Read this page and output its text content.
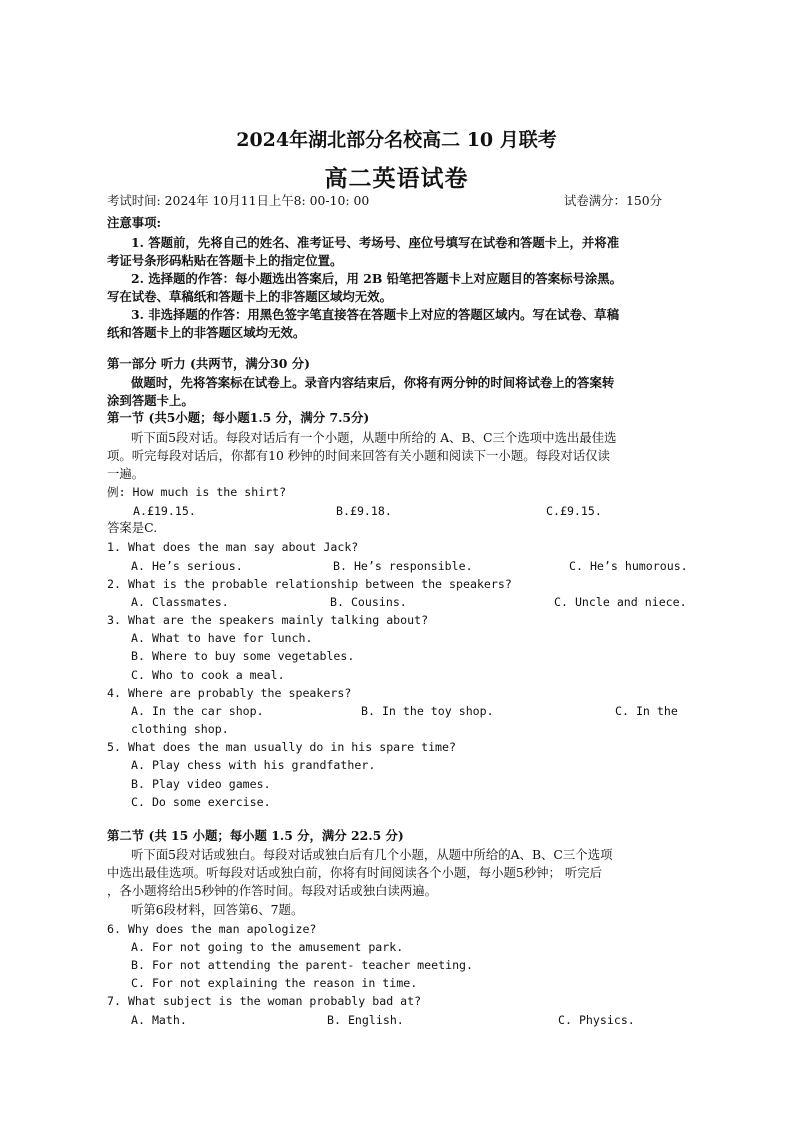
2024年湖北部分名校高二 10 月联考
高二英语试卷
考试时间: 2024年 10月11日上午8: 00-10: 00	试卷满分：150分
注意事项:
1. 答题前，先将自己的姓名、准考证号、考场号、座位号填写在试卷和答题卡上，并将准
考证号条形码粘贴在答题卡上的指定位置。
2. 选择题的作答：每小题选出答案后，用 2B 铅笔把答题卡上对应题目的答案标号涂黑。
写在试卷、草稿纸和答题卡上的非答题区域均无效。
3. 非选择题的作答：用黑色签字笔直接答在答题卡上对应的答题区域内。写在试卷、草稿
纸和答题卡上的非答题区域均无效。
第一部分 听力 (共两节，满分30 分)
做题时，先将答案标在试卷上。录音内容结束后，你将有两分钟的时间将试卷上的答案转
涂到答题卡上。
第一节 (共5小题；每小题1.5 分，满分 7.5分)
听下面5段对话。每段对话后有一个小题，从题中所给的 A、B、C三个选项中选出最佳选
项。听完每段对话后，你都有10 秒钟的时间来回答有关小题和阅读下一小题。每段对话仅读
一遍。
例: How much is the shirt?
A.£19.15.	B.£9.18.	C.£9.15.
答案是C.
1. What does the man say about Jack?
A. He’s serious.	B. He’s responsible.	C. He’s humorous.
2. What is the probable relationship between the speakers?
A. Classmates.	B. Cousins.	C. Uncle and niece.
3. What are the speakers mainly talking about?
A. What to have for lunch.
B. Where to buy some vegetables.
C. Who to cook a meal.
4. Where are probably the speakers?
A. In the car shop.	B. In the toy shop.	C. In the
clothing shop.
5. What does the man usually do in his spare time?
A. Play chess with his grandfather.
B. Play video games.
C. Do some exercise.
第二节 (共 15 小题；每小题 1.5 分，满分 22.5 分)
听下面5段对话或独白。每段对话或独白后有几个小题，从题中所给的A、B、C三个选项
中选出最佳选项。听每段对话或独白前，你将有时间阅读各个小题，每小题5秒钟； 听完后
，各小题将给出5秒钟的作答时间。每段对话或独白读两遍。
听第6段材料，回答第6、7题。
6. Why does the man apologize?
A. For not going to the amusement park.
B. For not attending the parent- teacher meeting.
C. For not explaining the reason in time.
7. What subject is the woman probably bad at?
A. Math.	B. English.	C. Physics.
